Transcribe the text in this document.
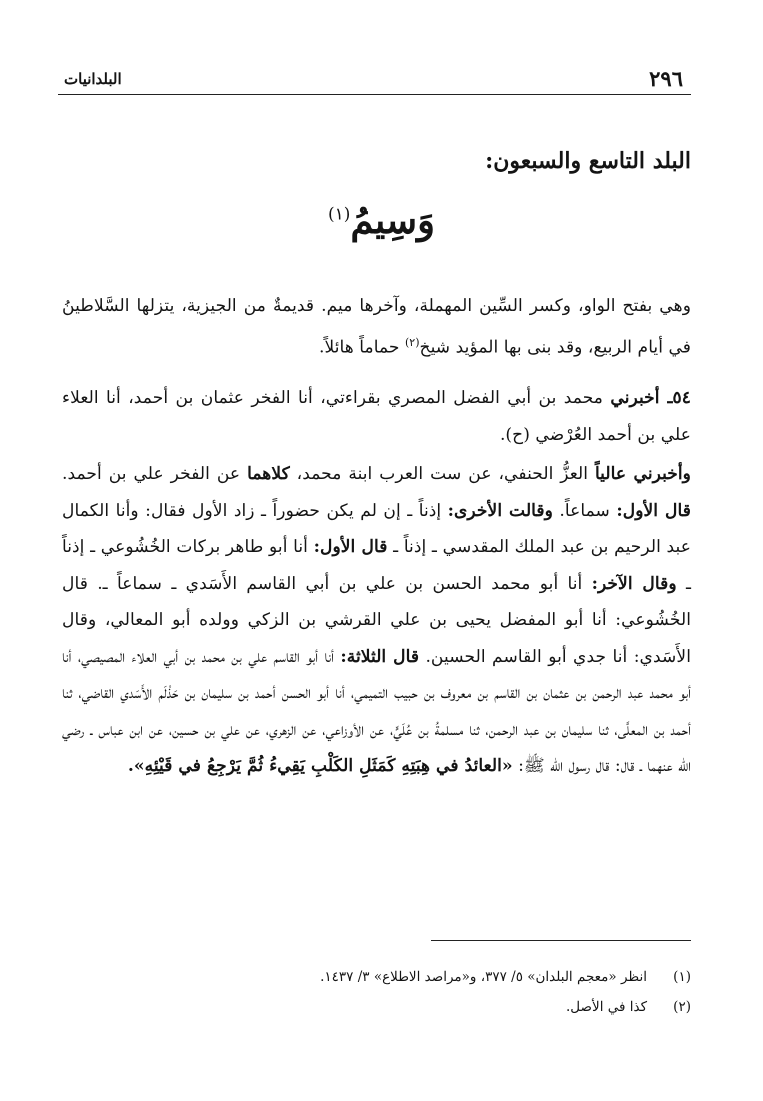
٢٩٦
البلدانيات
البلد التاسع والسبعون:
وَسِيمُ$^{(١)}$

وهي بفتح الواو، وكسر السِّين المهملة، وآخرها ميم. قديمةٌ من الجيزية، يتزلها السَّلاطينُ في أيام الربيع، وقد بنى بها المؤيد شيخ$^{(٢)}$ حماماً هائلاً.

٥٤ـ أخبرني محمد بن أبي الفضل المصري بقراءتي، أنا الفخر عثمان بن أحمد، أنا العلاء علي بن أحمد العُرْضي (ح).

وأخبرني عالياً العزُّ الحنفي، عن ست العرب ابنة محمد، كلاهما عن الفخر علي بن أحمد. قال الأول: سماعاً. وقالت الأخرى: إذناً ـ إن لم يكن حضوراً ـ زاد الأول فقال: وأنا الكمال عبد الرحيم بن عبد الملك المقدسي ـ إذناً ـ قال الأول: أنا أبو طاهر بركات الخُشُوعي ـ إذناً ـ وقال الآخر: أنا أبو محمد الحسن بن علي بن أبي القاسم الأَسَدي ـ سماعاً ـ. قال الخُشُوعي: أنا أبو المفضل يحيى بن علي القرشي بن الزكي وولده أبو المعالي، وقال الأَسَدي: أنا جدي أبو القاسم الحسين. قال الثلاثة: أنا أبو القاسم علي بن محمد بن أبي العلاء المصيصي، أنا أبو محمد عبد الرحمن بن عثمان بن القاسم بن معروف بن حبيب التميمي، أنا أبو الحسن أحمد بن سليمان بن حَذْلَم الأَسَدي القاضي، ثنا أحمد بن المعلَّى، ثنا سليمان بن عبد الرحمن، ثنا مسلمةُ بن عُلَيٍّ، عن الأوزاعي، عن الزهري، عن علي بن حسين، عن ابن عباس ـ رضي الله عنهما ـ قال: قال رسول الله ﷺ: «العائدُ في هِبَتِهِ كَمَثَلِ الكَلْبِ يَقِيءُ ثُمَّ يَرْجِعُ في قَيْئِهِ».

(١)انظر «معجم البلدان» ٥/ ٣٧٧، و«مراصد الاطلاع» ٣/ ١٤٣٧.
(٢)كذا في الأصل.
